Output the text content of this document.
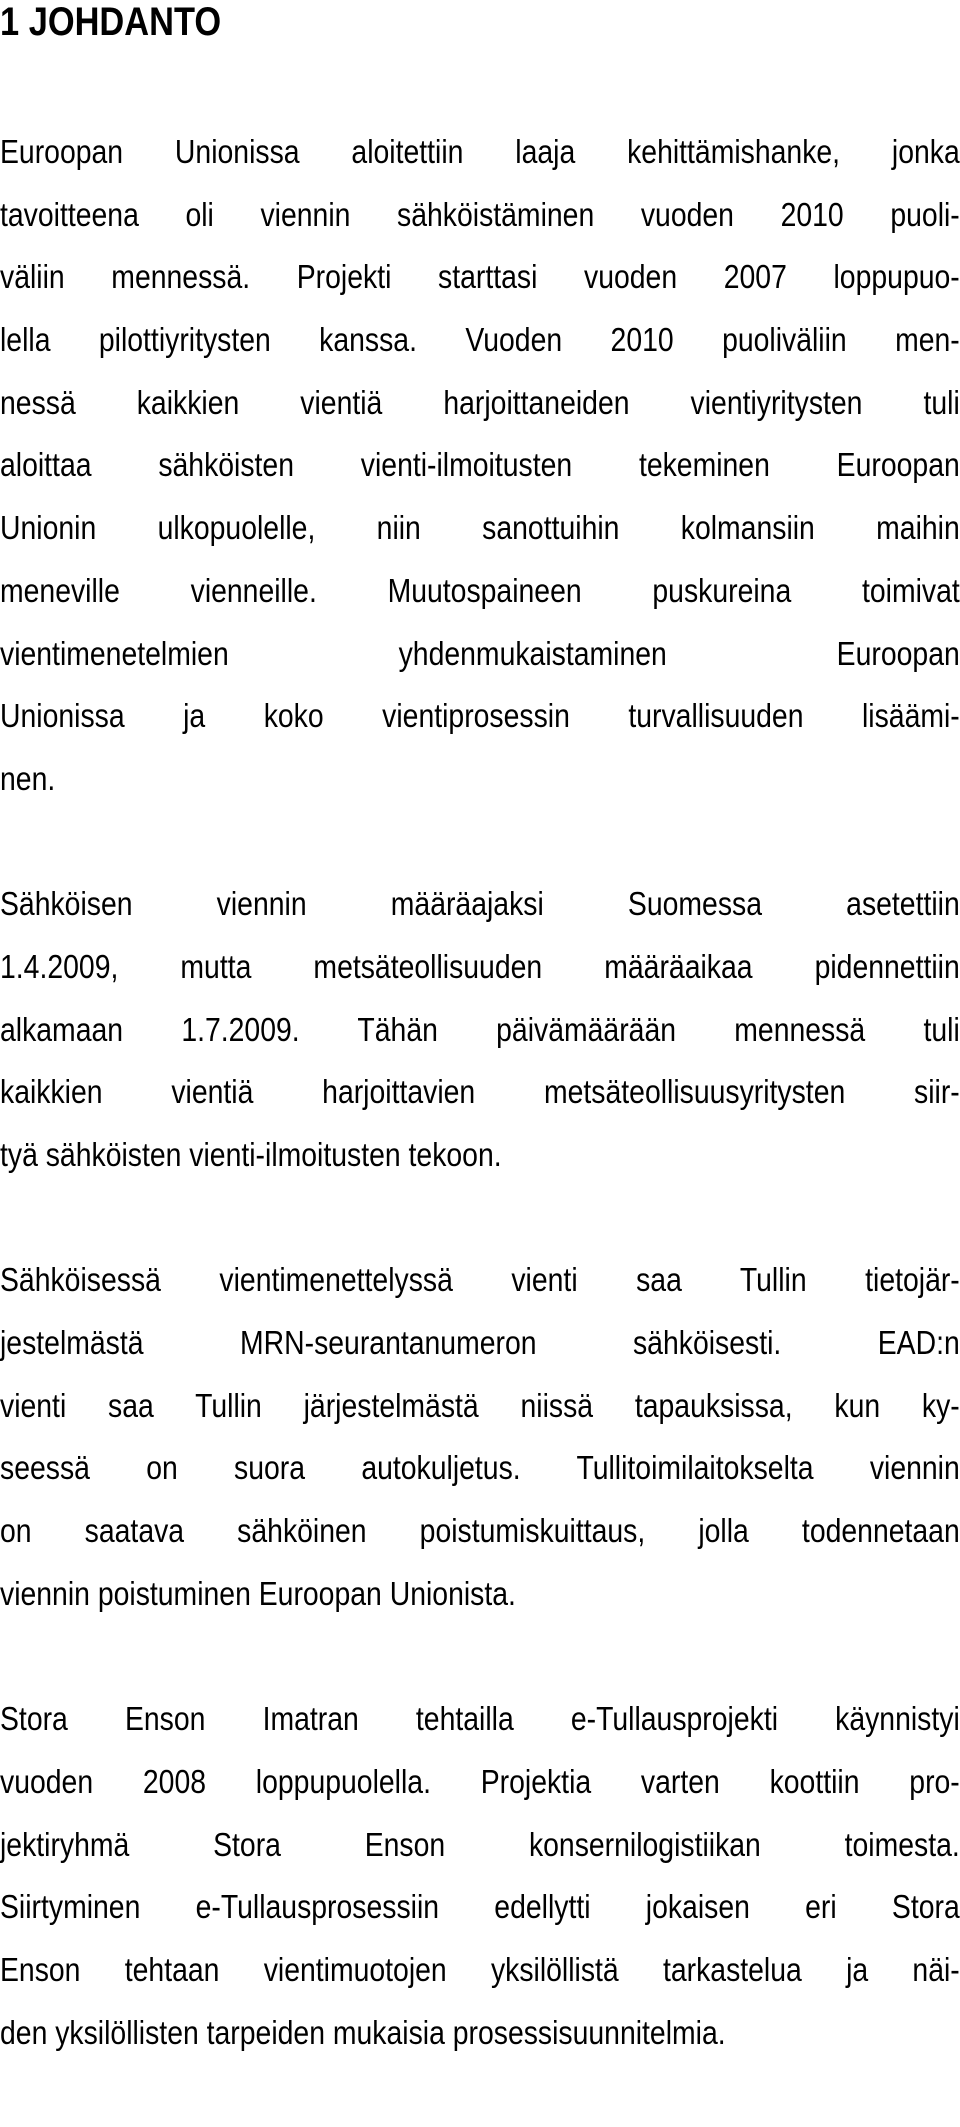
1 JOHDANTO
Euroopan Unionissa aloitettiin laaja kehittämishanke, jonka
tavoitteena oli viennin sähköistäminen vuoden 2010 puoli-
väliin mennessä. Projekti starttasi vuoden 2007 loppupuo-
lella pilottiyritysten kanssa. Vuoden 2010 puoliväliin men-
nessä kaikkien vientiä harjoittaneiden vientiyritysten tuli
aloittaa sähköisten vienti-ilmoitusten tekeminen Euroopan
Unionin ulkopuolelle, niin sanottuihin kolmansiin maihin
meneville vienneille. Muutospaineen puskureina toimivat
vientimenetelmien yhdenmukaistaminen Euroopan
Unionissa ja koko vientiprosessin turvallisuuden lisäämi-
nen.
Sähköisen viennin määräajaksi Suomessa asetettiin
1.4.2009, mutta metsäteollisuuden määräaikaa pidennettiin
alkamaan 1.7.2009. Tähän päivämäärään mennessä tuli
kaikkien vientiä harjoittavien metsäteollisuusyritysten siir-
tyä sähköisten vienti-ilmoitusten tekoon.
Sähköisessä vientimenettelyssä vienti saa Tullin tietojär-
jestelmästä MRN-seurantanumeron sähköisesti. EAD:n
vienti saa Tullin järjestelmästä niissä tapauksissa, kun ky-
seessä on suora autokuljetus. Tullitoimilaitokselta viennin
on saatava sähköinen poistumiskuittaus, jolla todennetaan
viennin poistuminen Euroopan Unionista.
Stora Enson Imatran tehtailla e-Tullausprojekti käynnistyi
vuoden 2008 loppupuolella. Projektia varten koottiin pro-
jektiryhmä Stora Enson konsernilogistiikan toimesta.
Siirtyminen e-Tullausprosessiin edellytti jokaisen eri Stora
Enson tehtaan vientimuotojen yksilöllistä tarkastelua ja näi-
den yksilöllisten tarpeiden mukaisia prosessisuunnitelmia.
